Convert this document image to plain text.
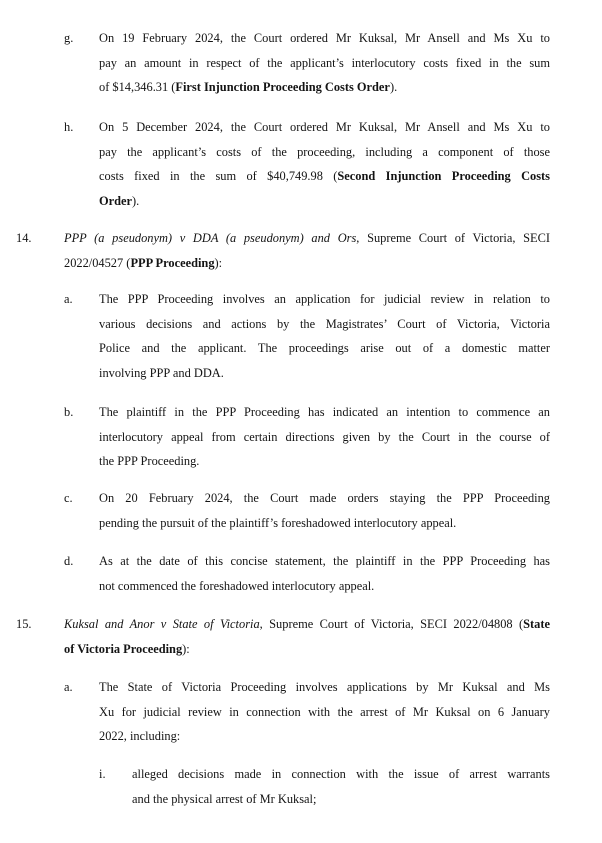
g. On 19 February 2024, the Court ordered Mr Kuksal, Mr Ansell and Ms Xu to
pay an amount in respect of the applicant’s interlocutory costs fixed in the sum
of $14,346.31 (First Injunction Proceeding Costs Order).
h. On 5 December 2024, the Court ordered Mr Kuksal, Mr Ansell and Ms Xu to
pay the applicant’s costs of the proceeding, including a component of those
costs fixed in the sum of $40,749.98 (Second Injunction Proceeding Costs
Order).
14.	PPP (a pseudonym) v DDA (a pseudonym) and Ors, Supreme Court of Victoria, SECI
2022/04527 (PPP Proceeding):
a. The PPP Proceeding involves an application for judicial review in relation to
various decisions and actions by the Magistrates’ Court of Victoria, Victoria
Police and the applicant. The proceedings arise out of a domestic matter
involving PPP and DDA.
b. The plaintiff in the PPP Proceeding has indicated an intention to commence an
interlocutory appeal from certain directions given by the Court in the course of
the PPP Proceeding.
c. On 20 February 2024, the Court made orders staying the PPP Proceeding
pending the pursuit of the plaintiff’s foreshadowed interlocutory appeal.
d. As at the date of this concise statement, the plaintiff in the PPP Proceeding has
not commenced the foreshadowed interlocutory appeal.
15.	Kuksal and Anor v State of Victoria, Supreme Court of Victoria, SECI 2022/04808 (State
of Victoria Proceeding):
a. The State of Victoria Proceeding involves applications by Mr Kuksal and Ms
Xu for judicial review in connection with the arrest of Mr Kuksal on 6 January
2022, including:
i. alleged decisions made in connection with the issue of arrest warrants
and the physical arrest of Mr Kuksal;
